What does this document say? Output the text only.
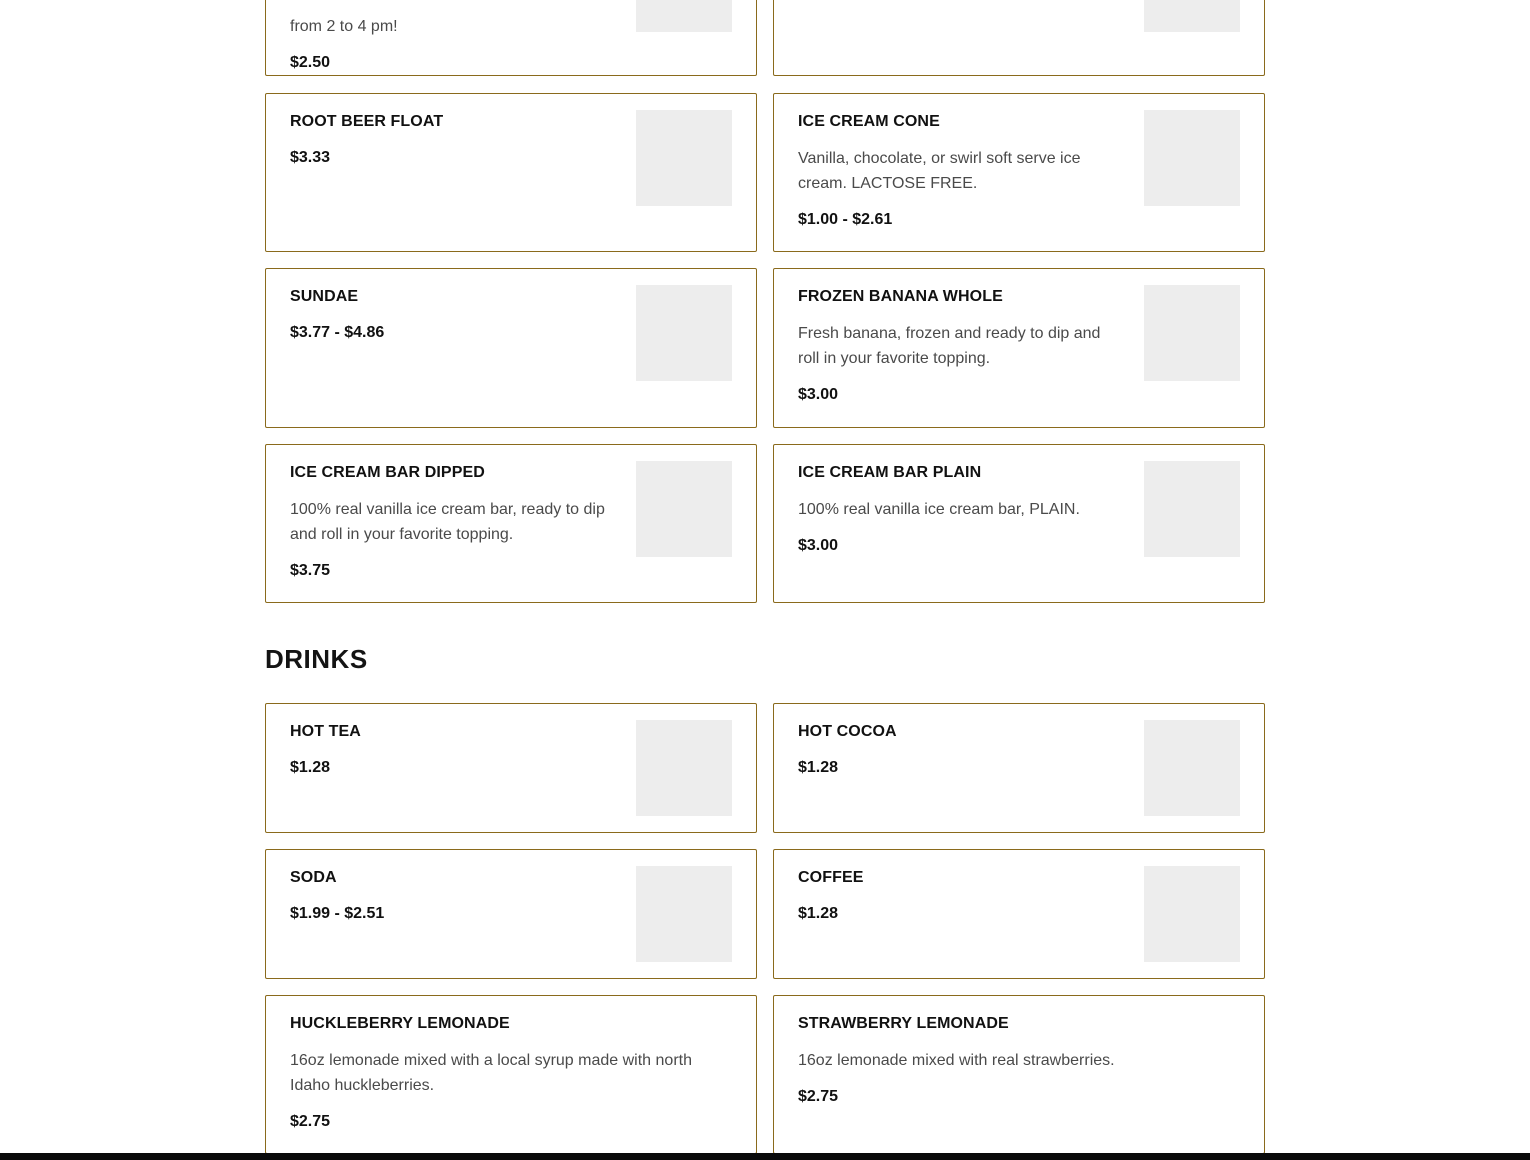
from 2 to 4 pm!
$2.50
ROOT BEER FLOAT
$3.33
ICE CREAM CONE
Vanilla, chocolate, or swirl soft serve ice cream. LACTOSE FREE.
$1.00 - $2.61
SUNDAE
$3.77 - $4.86
FROZEN BANANA WHOLE
Fresh banana, frozen and ready to dip and roll in your favorite topping.
$3.00
ICE CREAM BAR DIPPED
100% real vanilla ice cream bar, ready to dip and roll in your favorite topping.
$3.75
ICE CREAM BAR PLAIN
100% real vanilla ice cream bar, PLAIN.
$3.00
DRINKS
HOT TEA
$1.28
HOT COCOA
$1.28
SODA
$1.99 - $2.51
COFFEE
$1.28
HUCKLEBERRY LEMONADE
16oz lemonade mixed with a local syrup made with north Idaho huckleberries.
$2.75
STRAWBERRY LEMONADE
16oz lemonade mixed with real strawberries.
$2.75
